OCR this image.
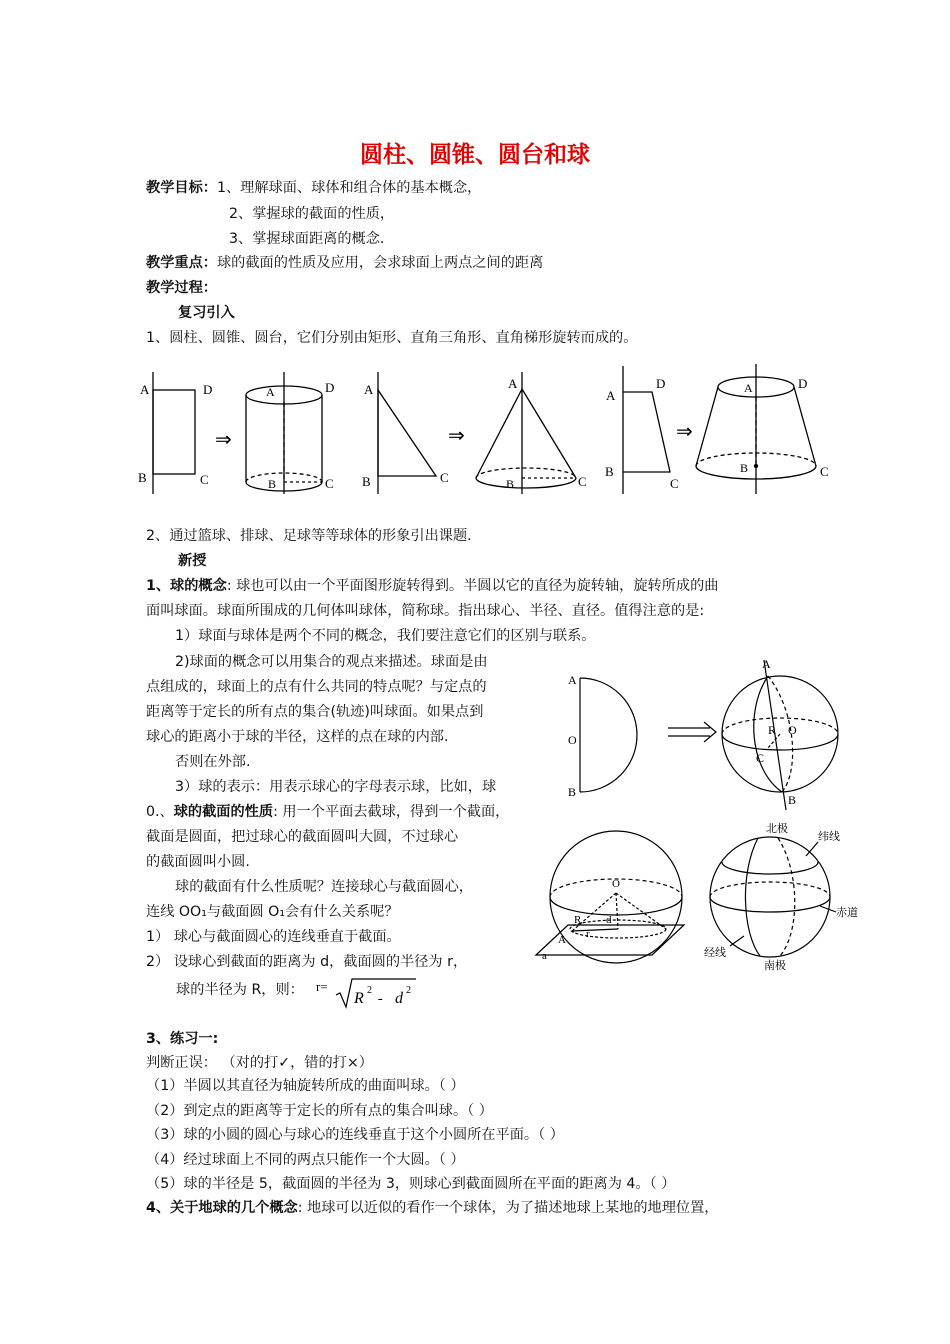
圆柱、圆锥、圆台和球
教学目标：1、理解球面、球体和组合体的基本概念，
2、掌握球的截面的性质，
3、掌握球面距离的概念.
教学重点：球的截面的性质及应用，会求球面上两点之间的距离
教学过程：
复习引入
1、圆柱、圆锥、圆台，它们分别由矩形、直角三角形、直角梯形旋转而成的。
A	D
B	C
⇒
A	D
B	C
A
B	C
⇒
A
B	C
A
D
B
C
⇒
A	D
B	C
2、通过篮球、排球、足球等等球体的形象引出课题.
新授
1、球的概念: 球也可以由一个平面图形旋转得到。半圆以它的直径为旋转轴，旋转所成的曲
面叫球面。球面所围成的几何体叫球体，简称球。指出球心、半径、直径。值得注意的是:
1）球面与球体是两个不同的概念，我们要注意它们的区别与联系。
2)球面的概念可以用集合的观点来描述。球面是由
点组成的，球面上的点有什么共同的特点呢？与定点的
距离等于定长的所有点的集合(轨迹)叫球面。如果点到
球心的距离小于球的半径，这样的点在球的内部.
否则在外部.
3）球的表示：用表示球心的字母表示球，比如，球
0.、球的截面的性质: 用一个平面去截球，得到一个截面，
截面是圆面，把过球心的截面圆叫大圆，不过球心
的截面圆叫小圆.
球的截面有什么性质呢？连接球心与截面圆心，
连线 OO₁与截面圆 O₁会有什么关系呢？
1） 球心与截面圆心的连线垂直于截面。
2） 设球心到截面的距离为 d，截面圆的半径为 r，
球的半径为 R，则： r=
R 2
- d 2
A
O
B
A
R O
C
B
O
R
r
d
A
a
北极
纬线
赤道
经线
南极
3、练习一:
判断正误： （对的打✓，错的打×）
（1）半圆以其直径为轴旋转所成的曲面叫球。（ ）
（2）到定点的距离等于定长的所有点的集合叫球。（ ）
（3）球的小圆的圆心与球心的连线垂直于这个小圆所在平面。（ ）
（4）经过球面上不同的两点只能作一个大圆。（ ）
（5）球的半径是 5，截面圆的半径为 3，则球心到截面圆所在平面的距离为 4。（ ）
4、关于地球的几个概念: 地球可以近似的看作一个球体，为了描述地球上某地的地理位置，
